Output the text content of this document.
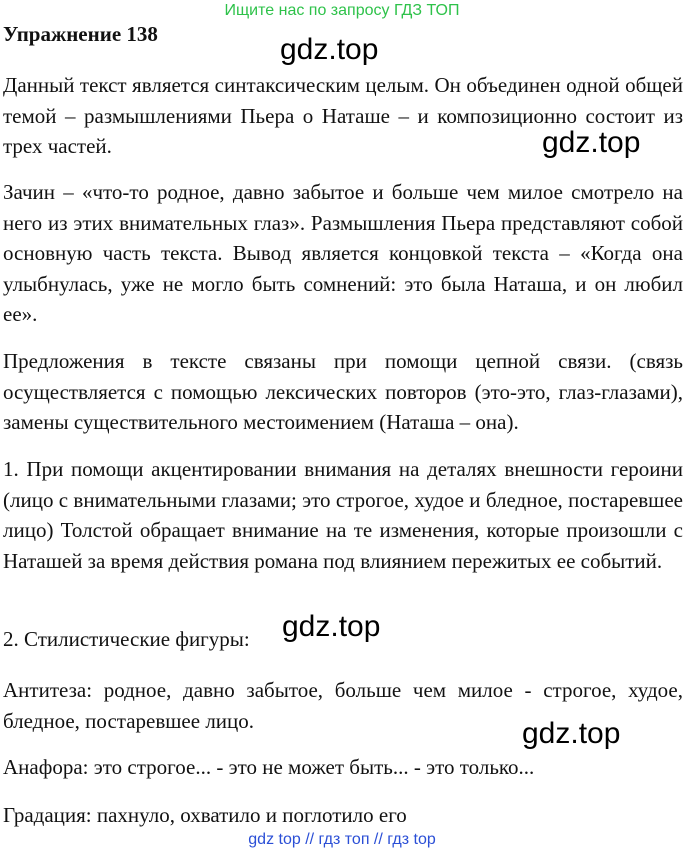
Ищите нас по запросу ГДЗ ТОП
Упражнение 138

Данный текст является синтаксическим целым. Он объединен одной общей темой – размышлениями Пьера о Наташе – и композиционно состоит из трех частей.

Зачин – «что-то родное, давно забытое и больше чем милое смотрело на него из этих внимательных глаз». Размышления Пьера представляют собой основную часть текста. Вывод является концовкой текста – «Когда она улыбнулась, уже не могло быть сомнений: это была Наташа, и он любил ее».

Предложения в тексте связаны при помощи цепной связи. (связь осуществляется с помощью лексических повторов (это-это, глаз-глазами), замены существительного местоимением (Наташа – она).

1. При помощи акцентировании внимания на деталях внешности героини (лицо с внимательными глазами; это строгое, худое и бледное, постаревшее лицо) Толстой обращает внимание на те изменения, которые произошли с Наташей за время действия романа под влиянием пережитых ее событий.

2. Стилистические фигуры:

Антитеза: родное, давно забытое, больше чем милое - строгое, худое, бледное, постаревшее лицо.

Анафора: это строгое... - это не может быть... - это только...

Градация: пахнуло, охватило и поглотило его

gdz.top
gdz.top
gdz.top
gdz.top
gdz top // гдз топ // гдз top
